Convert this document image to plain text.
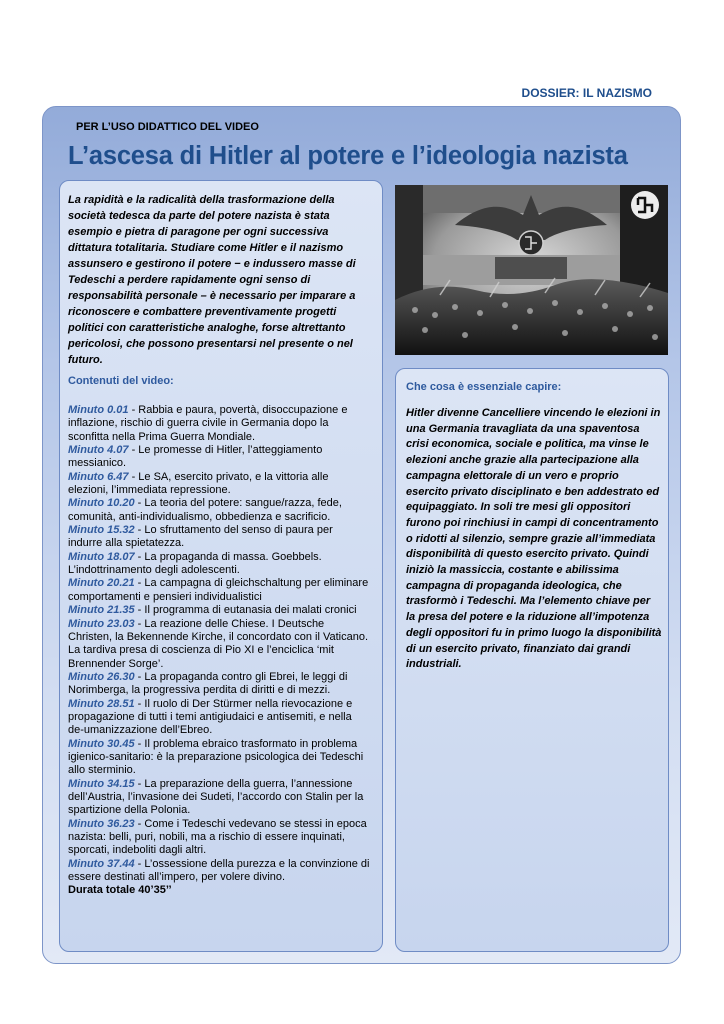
DOSSIER: IL NAZISMO
PER L’USO DIDATTICO DEL VIDEO
L’ascesa di Hitler al potere e l’ideologia nazista

La rapidità e la radicalità della trasformazione della società tedesca da parte del potere nazista è stata esempio e pietra di paragone per ogni successiva dittatura totalitaria. Studiare come Hitler e il nazismo assunsero e gestirono il potere − e indussero masse di Tedeschi a perdere rapidamente ogni senso di responsabilità personale – è necessario per imparare a riconoscere e combattere preventivamente progetti politici con caratteristiche analoghe, forse altrettanto pericolosi, che possono presentarsi nel presente o nel futuro.

Contenuti del video:
Minuto 0.01 - Rabbia e paura, povertà, disoccupazione e inflazione, rischio di guerra civile in Germania dopo la sconfitta nella Prima Guerra Mondiale.
Minuto 4.07 - Le promesse di Hitler, l’atteggiamento messianico.
Minuto 6.47 - Le SA, esercito privato, e la vittoria alle elezioni, l’immediata repressione.
Minuto 10.20 - La teoria del potere: sangue/razza, fede, comunità, anti-individualismo, obbedienza e sacrificio.
Minuto 15.32 - Lo sfruttamento del senso di paura per indurre alla spietatezza.
Minuto 18.07 - La propaganda di massa. Goebbels. L’indottrinamento degli adolescenti.
Minuto 20.21 - La campagna di gleichschaltung per eliminare comportamenti e pensieri individualistici
Minuto 21.35 - Il programma di eutanasia dei malati cronici
Minuto 23.03 - La reazione delle Chiese. I Deutsche Christen, la Bekennende Kirche, il concordato con il Vaticano. La tardiva presa di coscienza di Pio XI e l’enciclica ‘mit Brennender Sorge’.
Minuto 26.30 - La propaganda contro gli Ebrei, le leggi di Norimberga, la progressiva perdita di diritti e di mezzi.
Minuto 28.51 - Il ruolo di Der Stürmer nella rievocazione e propagazione di tutti i temi antigiudaici e antisemiti, e nella de-umanizzazione dell’Ebreo.
Minuto 30.45 - Il problema ebraico trasformato in problema igienico-sanitario: è la preparazione psicologica dei Tedeschi allo sterminio.
Minuto 34.15 - La preparazione della guerra, l’annessione dell’Austria, l’invasione dei Sudeti, l’accordo con Stalin per la spartizione della Polonia.
Minuto 36.23 - Come i Tedeschi vedevano se stessi in epoca nazista: belli, puri, nobili, ma a rischio di essere inquinati, sporcati, indeboliti dagli altri.
Minuto 37.44 - L’ossessione della purezza e la convinzione di essere destinati all’impero, per volere divino.
Durata totale 40’35’’
Che cosa è essenziale capire:

Hitler divenne Cancelliere vincendo le elezioni in una Germania travagliata da una spaventosa crisi economica, sociale e politica, ma vinse le elezioni anche grazie alla partecipazione alla campagna elettorale di un vero e proprio esercito privato disciplinato e ben addestrato ed equipaggiato. In soli tre mesi gli oppositori furono poi rinchiusi in campi di concentramento o ridotti al silenzio, sempre grazie all’immediata disponibilità di questo esercito privato. Quindi iniziò la massiccia, costante e abilissima campagna di propaganda ideologica, che trasformò i Tedeschi. Ma l’elemento chiave per la presa del potere e la riduzione all’impotenza degli oppositori fu in primo luogo la disponibilità di un esercito privato, finanziato dai grandi industriali.
